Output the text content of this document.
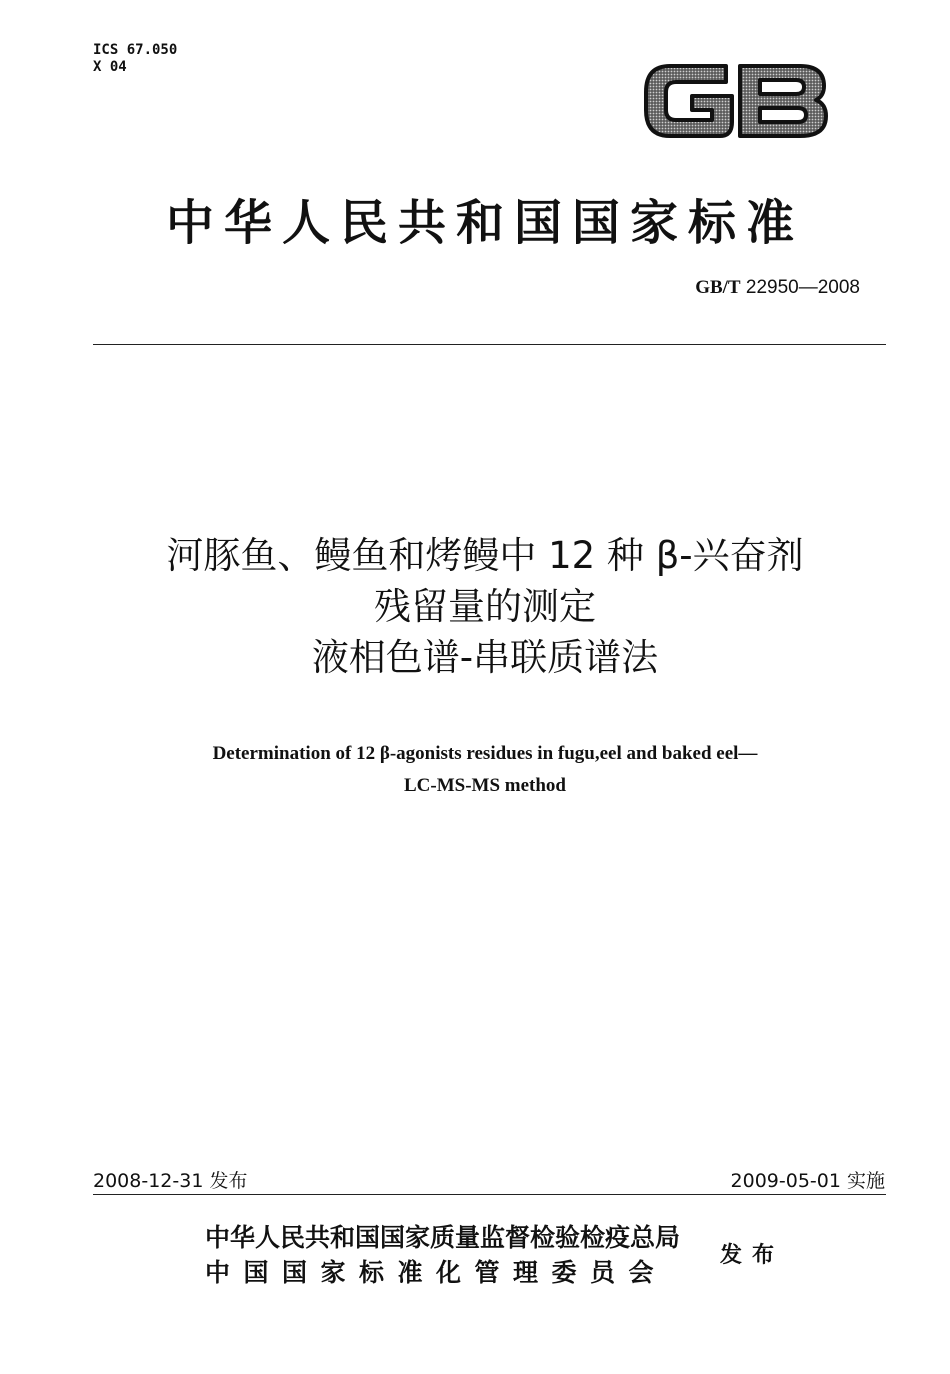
ICS 67.050
X 04
中华人民共和国国家标准
GB/T 22950—2008
河豚鱼、鳗鱼和烤鳗中 12 种 β-兴奋剂
残留量的测定
液相色谱-串联质谱法
Determination of 12 β-agonists residues in fugu,eel and baked eel—
LC-MS-MS method
2008-12-31 发布	2009-05-01 实施
中华人民共和国国家质量监督检验检疫总局
中国国家标准化管理委员会
发布
